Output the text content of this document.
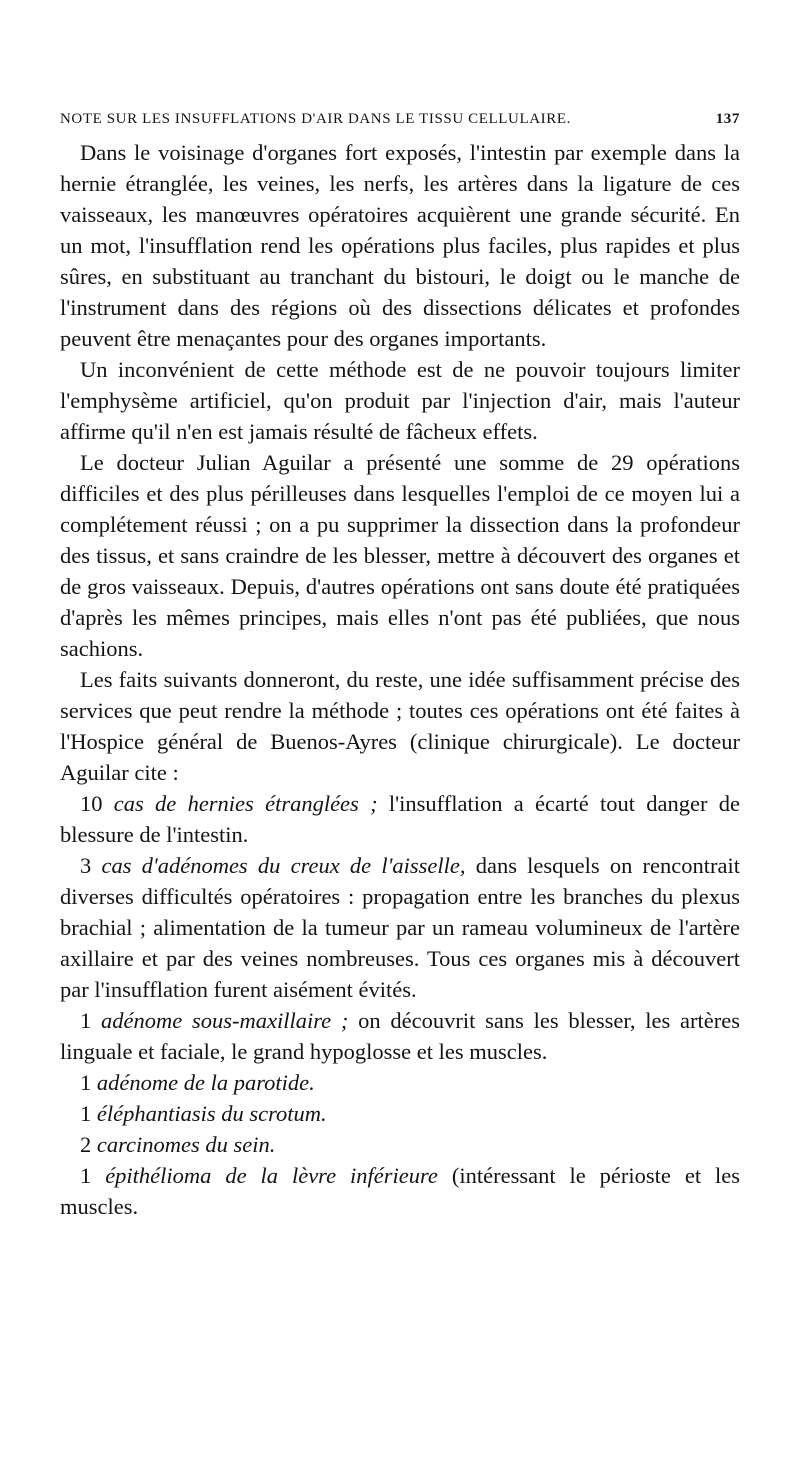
NOTE SUR LES INSUFFLATIONS D'AIR DANS LE TISSU CELLULAIRE.	137

Dans le voisinage d'organes fort exposés, l'intestin par exemple dans la hernie étranglée, les veines, les nerfs, les artères dans la ligature de ces vaisseaux, les manœuvres opératoires acquièrent une grande sécurité. En un mot, l'insufflation rend les opérations plus faciles, plus rapides et plus sûres, en substituant au tranchant du bistouri, le doigt ou le manche de l'instrument dans des régions où des dissections délicates et profondes peuvent être menaçantes pour des organes importants.

Un inconvénient de cette méthode est de ne pouvoir toujours limiter l'emphysème artificiel, qu'on produit par l'injection d'air, mais l'auteur affirme qu'il n'en est jamais résulté de fâcheux effets.

Le docteur Julian Aguilar a présenté une somme de 29 opérations difficiles et des plus périlleuses dans lesquelles l'emploi de ce moyen lui a complétement réussi ; on a pu supprimer la dissection dans la profondeur des tissus, et sans craindre de les blesser, mettre à découvert des organes et de gros vaisseaux. Depuis, d'autres opérations ont sans doute été pratiquées d'après les mêmes principes, mais elles n'ont pas été publiées, que nous sachions.

Les faits suivants donneront, du reste, une idée suffisamment précise des services que peut rendre la méthode ; toutes ces opérations ont été faites à l'Hospice général de Buenos-Ayres (clinique chirurgicale). Le docteur Aguilar cite :

10 cas de hernies étranglées ; l'insufflation a écarté tout danger de blessure de l'intestin.

3 cas d'adénomes du creux de l'aisselle, dans lesquels on rencontrait diverses difficultés opératoires : propagation entre les branches du plexus brachial ; alimentation de la tumeur par un rameau volumineux de l'artère axillaire et par des veines nombreuses. Tous ces organes mis à découvert par l'insufflation furent aisément évités.

1 adénome sous-maxillaire ; on découvrit sans les blesser, les artères linguale et faciale, le grand hypoglosse et les muscles.

1 adénome de la parotide.

1 éléphantiasis du scrotum.

2 carcinomes du sein.

1 épithélioma de la lèvre inférieure (intéressant le périoste et les muscles.
